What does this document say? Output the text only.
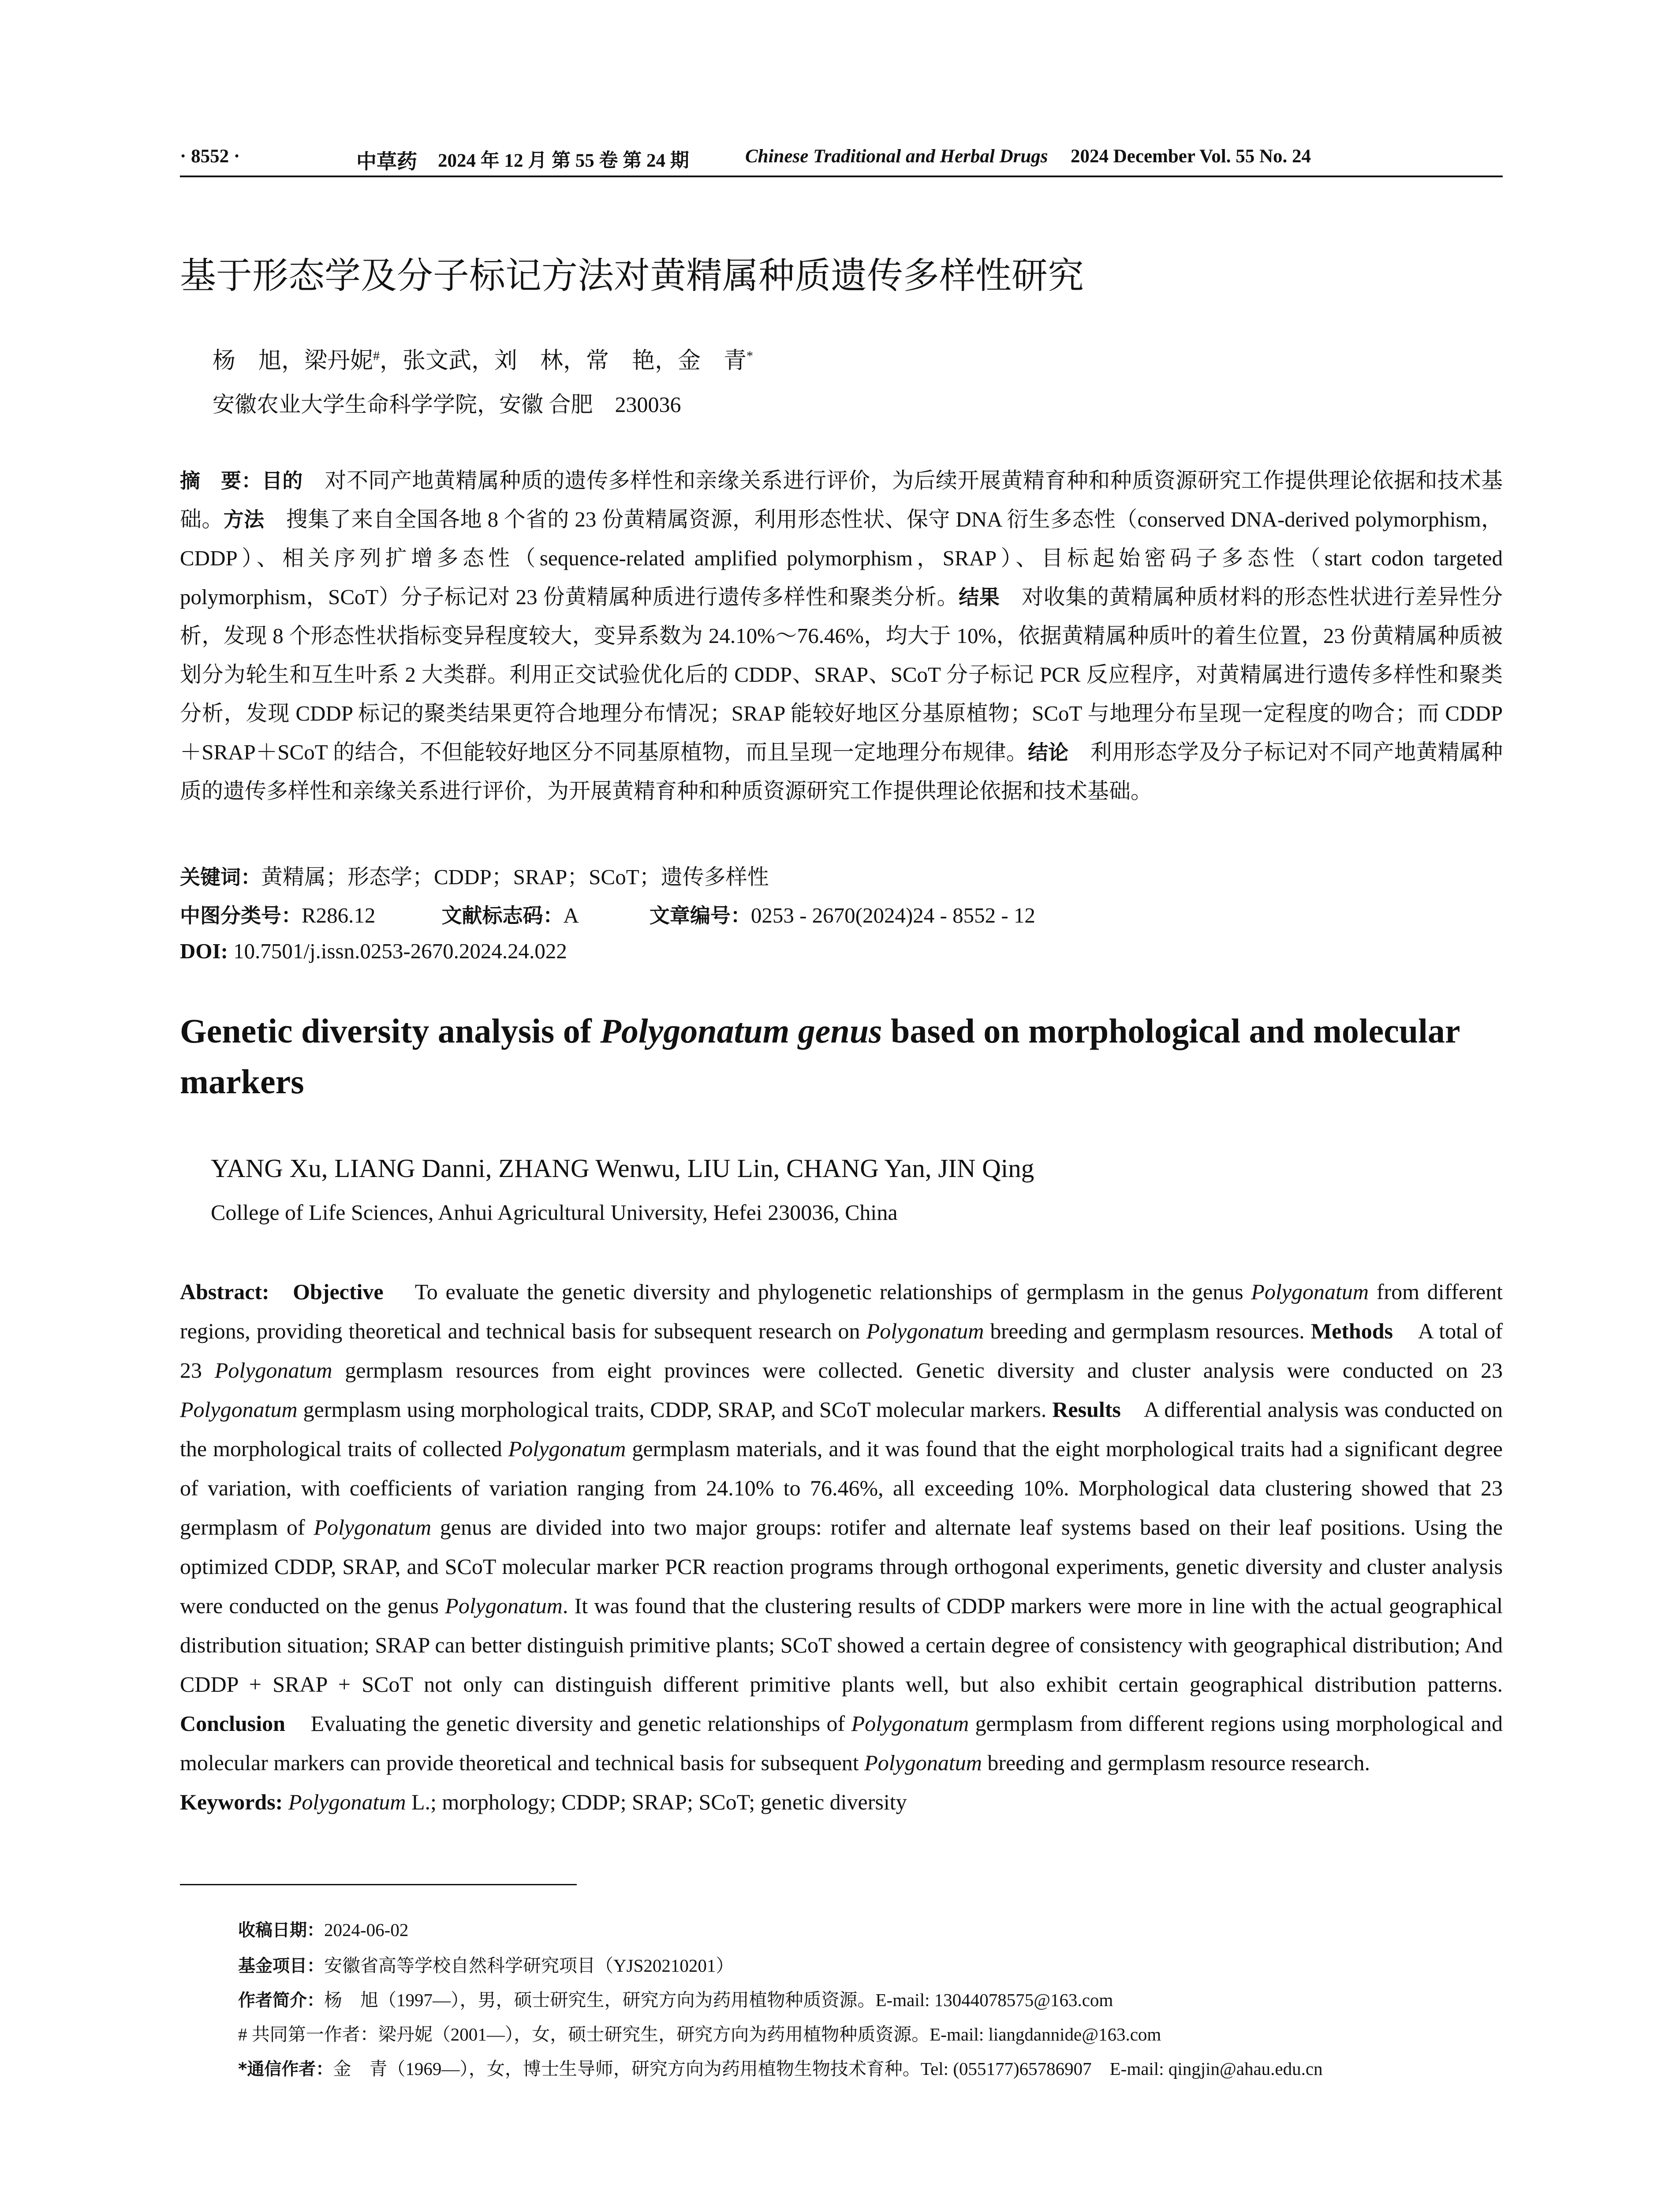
· 8552 ·	中草药 2024 年 12 月 第 55 卷 第 24 期	Chinese Traditional and Herbal Drugs 2024 December Vol. 55 No. 24
基于形态学及分子标记方法对黄精属种质遗传多样性研究
杨　旭，梁丹妮#，张文武，刘　林，常　艳，金　青*
安徽农业大学生命科学学院，安徽 合肥　230036
摘　要：目的　对不同产地黄精属种质的遗传多样性和亲缘关系进行评价，为后续开展黄精育种和种质资源研究工作提供理论依据和技术基础。方法　搜集了来自全国各地 8 个省的 23 份黄精属资源，利用形态性状、保守 DNA 衍生多态性（conserved DNA-derived polymorphism，CDDP）、相关序列扩增多态性（sequence-related amplified polymorphism，SRAP）、目标起始密码子多态性（start codon targeted polymorphism，SCoT）分子标记对 23 份黄精属种质进行遗传多样性和聚类分析。结果　对收集的黄精属种质材料的形态性状进行差异性分析，发现 8 个形态性状指标变异程度较大，变异系数为 24.10%～76.46%，均大于 10%，依据黄精属种质叶的着生位置，23 份黄精属种质被划分为轮生和互生叶系 2 大类群。利用正交试验优化后的 CDDP、SRAP、SCoT 分子标记 PCR 反应程序，对黄精属进行遗传多样性和聚类分析，发现 CDDP 标记的聚类结果更符合地理分布情况；SRAP 能较好地区分基原植物；SCoT 与地理分布呈现一定程度的吻合；而 CDDP＋SRAP＋SCoT 的结合，不但能较好地区分不同基原植物，而且呈现一定地理分布规律。结论　利用形态学及分子标记对不同产地黄精属种质的遗传多样性和亲缘关系进行评价，为开展黄精育种和种质资源研究工作提供理论依据和技术基础。
关键词：黄精属；形态学；CDDP；SRAP；SCoT；遗传多样性
中图分类号：R286.12	文献标志码：A	文章编号：0253 - 2670(2024)24 - 8552 - 12
DOI: 10.7501/j.issn.0253-2670.2024.24.022
Genetic diversity analysis of Polygonatum genus based on morphological and molecular markers
YANG Xu, LIANG Danni, ZHANG Wenwu, LIU Lin, CHANG Yan, JIN Qing
College of Life Sciences, Anhui Agricultural University, Hefei 230036, China
Abstract: Objective To evaluate the genetic diversity and phylogenetic relationships of germplasm in the genus Polygonatum from different regions, providing theoretical and technical basis for subsequent research on Polygonatum breeding and germplasm resources. Methods A total of 23 Polygonatum germplasm resources from eight provinces were collected. Genetic diversity and cluster analysis were conducted on 23 Polygonatum germplasm using morphological traits, CDDP, SRAP, and SCoT molecular markers. Results A differential analysis was conducted on the morphological traits of collected Polygonatum germplasm materials, and it was found that the eight morphological traits had a significant degree of variation, with coefficients of variation ranging from 24.10% to 76.46%, all exceeding 10%. Morphological data clustering showed that 23 germplasm of Polygonatum genus are divided into two major groups: rotifer and alternate leaf systems based on their leaf positions. Using the optimized CDDP, SRAP, and SCoT molecular marker PCR reaction programs through orthogonal experiments, genetic diversity and cluster analysis were conducted on the genus Polygonatum. It was found that the clustering results of CDDP markers were more in line with the actual geographical distribution situation; SRAP can better distinguish primitive plants; SCoT showed a certain degree of consistency with geographical distribution; And CDDP + SRAP + SCoT not only can distinguish different primitive plants well, but also exhibit certain geographical distribution patterns. Conclusion Evaluating the genetic diversity and genetic relationships of Polygonatum germplasm from different regions using morphological and molecular markers can provide theoretical and technical basis for subsequent Polygonatum breeding and germplasm resource research.
Keywords: Polygonatum L.; morphology; CDDP; SRAP; SCoT; genetic diversity
收稿日期：2024-06-02
基金项目：安徽省高等学校自然科学研究项目（YJS20210201）
作者简介：杨　旭（1997—），男，硕士研究生，研究方向为药用植物种质资源。E-mail: 13044078575@163.com
# 共同第一作者：梁丹妮（2001—），女，硕士研究生，研究方向为药用植物种质资源。E-mail: liangdannide@163.com
*通信作者：金　青（1969—），女，博士生导师，研究方向为药用植物生物技术育种。Tel: (055177)65786907　E-mail: qingjin@ahau.edu.cn
